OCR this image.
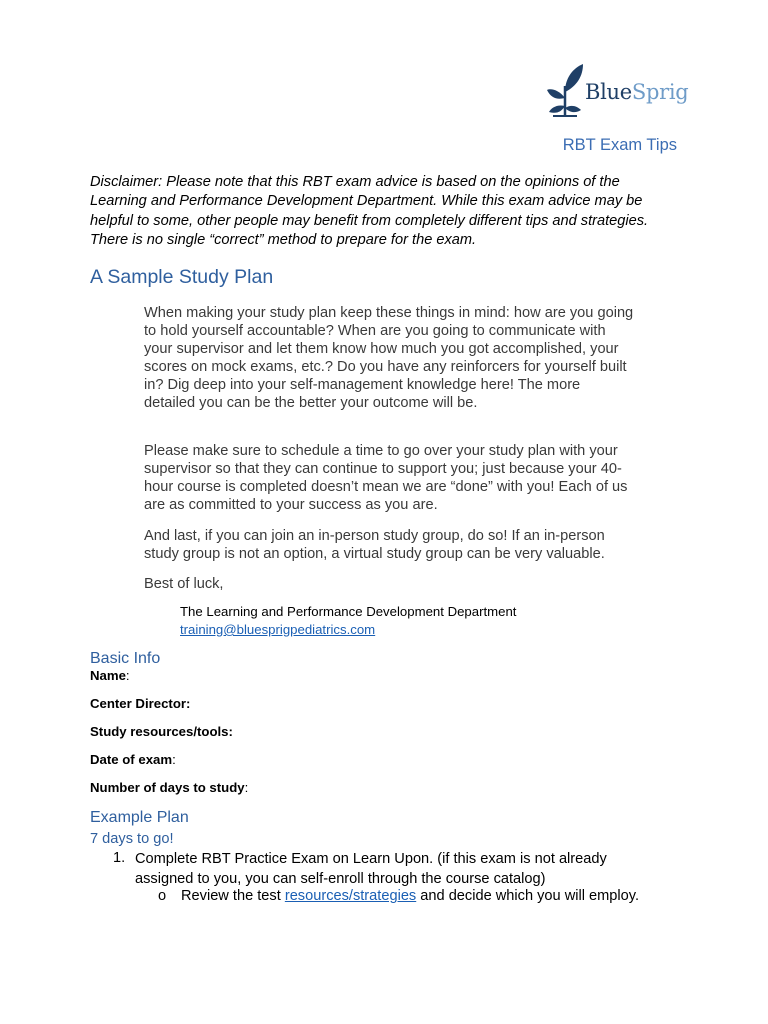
BlueSprig
RBT Exam Tips
Disclaimer: Please note that this RBT exam advice is based on the opinions of the Learning and Performance Development Department. While this exam advice may be helpful to some, other people may benefit from completely different tips and strategies. There is no single “correct” method to prepare for the exam.
A Sample Study Plan
When making your study plan keep these things in mind: how are you going to hold yourself accountable? When are you going to communicate with your supervisor and let them know how much you got accomplished, your scores on mock exams, etc.? Do you have any reinforcers for yourself built in? Dig deep into your self-management knowledge here! The more detailed you can be the better your outcome will be.
Please make sure to schedule a time to go over your study plan with your supervisor so that they can continue to support you; just because your 40-hour course is completed doesn’t mean we are “done” with you! Each of us are as committed to your success as you are.
And last, if you can join an in-person study group, do so! If an in-person study group is not an option, a virtual study group can be very valuable.
Best of luck,
The Learning and Performance Development Department
training@bluesprigpediatrics.com
Basic Info
Name:
Center Director:
Study resources/tools:
Date of exam:
Number of days to study:
Example Plan
7 days to go!
1. Complete RBT Practice Exam on Learn Upon. (if this exam is not already assigned to you, you can self-enroll through the course catalog)
o Review the test resources/strategies and decide which you will employ.
